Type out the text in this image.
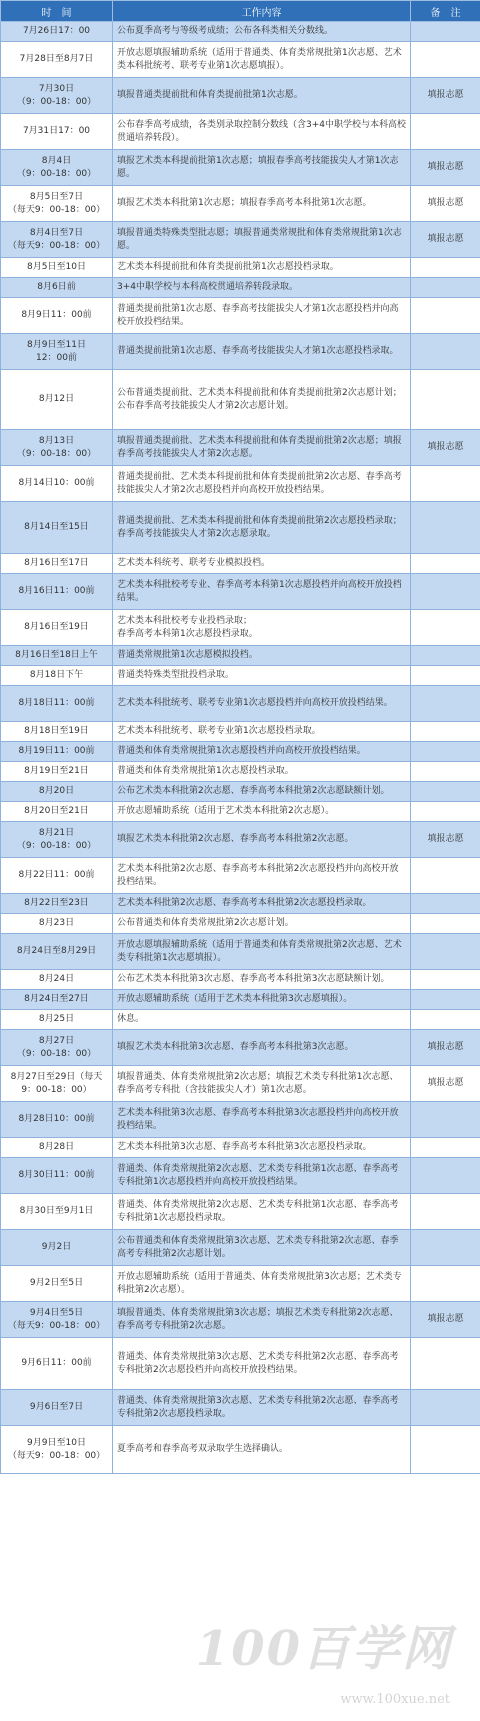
时　间	工作内容	备　注
7月26日17：00	公布夏季高考与等级考成绩；公布各科类相关分数线。	
7月28日至8月7日	开放志愿填报辅助系统（适用于普通类、体育类常规批第1次志愿、艺术类本科批统考、联考专业第1次志愿填报）。	
7月30日
（9：00-18：00）	填报普通类提前批和体育类提前批第1次志愿。	填报志愿
7月31日17：00	公布春季高考成绩，各类别录取控制分数线（含3+4中职学校与本科高校贯通培养转段）。	
8月4日
（9：00-18：00）	填报艺术类本科提前批第1次志愿；填报春季高考技能拔尖人才第1次志愿。	填报志愿
8月5日至7日
（每天9：00-18：00）	填报艺术类本科批第1次志愿；填报春季高考本科批第1次志愿。	填报志愿
8月4日至7日
（每天9：00-18：00）	填报普通类特殊类型批志愿；填报普通类常规批和体育类常规批第1次志愿。	填报志愿
8月5日至10日	艺术类本科提前批和体育类提前批第1次志愿投档录取。	
8月6日前	3+4中职学校与本科高校贯通培养转段录取。	
8月9日11：00前	普通类提前批第1次志愿、春季高考技能拔尖人才第1次志愿投档并向高校开放投档结果。	
8月9日至11日
12：00前	普通类提前批第1次志愿、春季高考技能拔尖人才第1次志愿投档录取。	
8月12日	公布普通类提前批、艺术类本科提前批和体育类提前批第2次志愿计划；
公布春季高考技能拔尖人才第2次志愿计划。	
8月13日
（9：00-18：00）	填报普通类提前批、艺术类本科提前批和体育类提前批第2次志愿；填报春季高考技能拔尖人才第2次志愿。	填报志愿
8月14日10：00前	普通类提前批、艺术类本科提前批和体育类提前批第2次志愿、春季高考技能拔尖人才第2次志愿投档并向高校开放投档结果。	
8月14日至15日	普通类提前批、艺术类本科提前批和体育类提前批第2次志愿投档录取；
春季高考技能拔尖人才第2次志愿录取。	
8月16日至17日	艺术类本科统考、联考专业模拟投档。	
8月16日11：00前	艺术类本科批校考专业、春季高考本科第1次志愿投档并向高校开放投档结果。	
8月16日至19日	艺术类本科批校考专业投档录取；
春季高考本科第1次志愿投档录取。	
8月16日至18日上午	普通类常规批第1次志愿模拟投档。	
8月18日下午	普通类特殊类型批投档录取。	
8月18日11：00前	艺术类本科批统考、联考专业第1次志愿投档并向高校开放投档结果。	
8月18日至19日	艺术类本科批统考、联考专业第1次志愿投档录取。	
8月19日11：00前	普通类和体育类常规批第1次志愿投档并向高校开放投档结果。	
8月19日至21日	普通类和体育类常规批第1次志愿投档录取。	
8月20日	公布艺术类本科批第2次志愿、春季高考本科批第2次志愿缺额计划。	
8月20日至21日	开放志愿辅助系统（适用于艺术类本科批第2次志愿）。	
8月21日
（9：00-18：00）	填报艺术类本科批第2次志愿、春季高考本科批第2次志愿。	填报志愿
8月22日11：00前	艺术类本科批第2次志愿、春季高考本科批第2次志愿投档并向高校开放投档结果。	
8月22日至23日	艺术类本科批第2次志愿、春季高考本科批第2次志愿投档录取。	
8月23日	公布普通类和体育类常规批第2次志愿计划。	
8月24日至8月29日	开放志愿填报辅助系统（适用于普通类和体育类常规批第2次志愿、艺术类专科批第1次志愿填报）。	
8月24日	公布艺术类本科批第3次志愿、春季高考本科批第3次志愿缺额计划。	
8月24日至27日	开放志愿辅助系统（适用于艺术类本科批第3次志愿填报）。	
8月25日	休息。	
8月27日
（9：00-18：00）	填报艺术类本科批第3次志愿、春季高考本科批第3次志愿。	填报志愿
8月27日至29日（每天
9：00-18：00）	填报普通类、体育类常规批第2次志愿；填报艺术类专科批第1次志愿、春季高考专科批（含技能拔尖人才）第1次志愿。	填报志愿
8月28日10：00前	艺术类本科批第3次志愿、春季高考本科批第3次志愿投档并向高校开放投档结果。	
8月28日	艺术类本科批第3次志愿、春季高考本科批第3次志愿投档录取。	
8月30日11：00前	普通类、体育类常规批第2次志愿、艺术类专科批第1次志愿、春季高考专科批第1次志愿投档并向高校开放投档结果。	
8月30日至9月1日	普通类、体育类常规批第2次志愿、艺术类专科批第1次志愿、春季高考专科批第1次志愿投档录取。	
9月2日	公布普通类和体育类常规批第3次志愿、艺术类专科批第2次志愿、春季高考专科批第2次志愿计划。	
9月2日至5日	开放志愿辅助系统（适用于普通类、体育类常规批第3次志愿；艺术类专科批第2次志愿）。	
9月4日至5日
（每天9：00-18：00）	填报普通类、体育类常规批第3次志愿；填报艺术类专科批第2次志愿、春季高考专科批第2次志愿。	填报志愿
9月6日11：00前	普通类、体育类常规批第3次志愿、艺术类专科批第2次志愿、春季高考专科批第2次志愿投档并向高校开放投档结果。	
9月6日至7日	普通类、体育类常规批第3次志愿、艺术类专科批第2次志愿、春季高考专科批第2次志愿投档录取。	
9月9日至10日
（每天9：00-18：00）	夏季高考和春季高考双录取学生选择确认。	
100百学网
www.100xue.net
